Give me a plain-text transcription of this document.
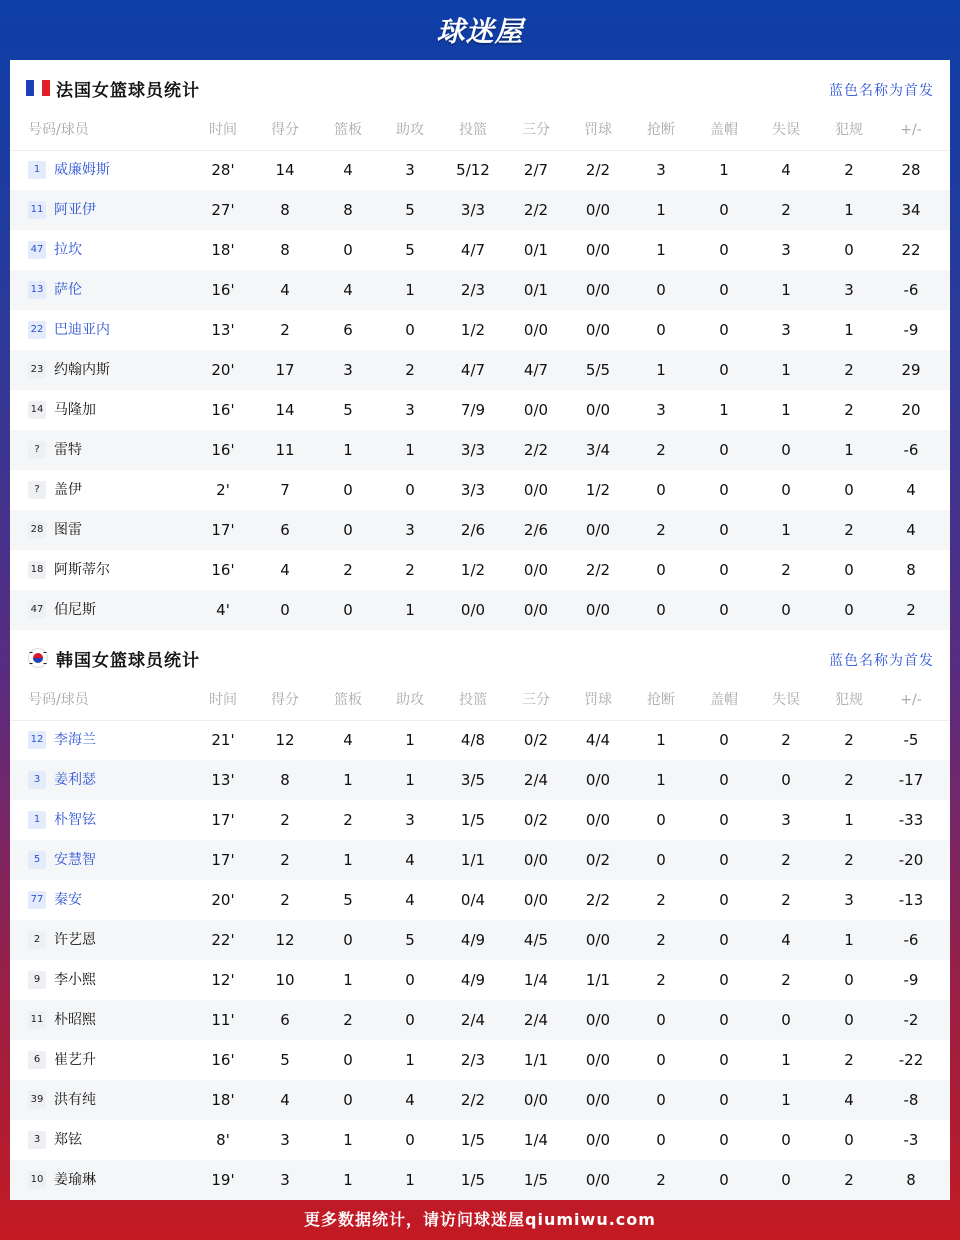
球迷屋
法国女篮球员统计	蓝色名称为首发
号码/球员	时间	得分	篮板	助攻	投篮	三分	罚球	抢断	盖帽	失误	犯规	+/-
1 威廉姆斯	28'	14	4	3	5/12	2/7	2/2	3	1	4	2	28
11 阿亚伊	27'	8	8	5	3/3	2/2	0/0	1	0	2	1	34
47 拉坎	18'	8	0	5	4/7	0/1	0/0	1	0	3	0	22
13 萨伦	16'	4	4	1	2/3	0/1	0/0	0	0	1	3	-6
22 巴迪亚内	13'	2	6	0	1/2	0/0	0/0	0	0	3	1	-9
23 约翰内斯	20'	17	3	2	4/7	4/7	5/5	1	0	1	2	29
14 马隆加	16'	14	5	3	7/9	0/0	0/0	3	1	1	2	20
?	雷特	16'	11	1	1	3/3	2/2	3/4	2	0	0	1	-6
?	盖伊	2'	7	0	0	3/3	0/0	1/2	0	0	0	0	4
28 图雷	17'	6	0	3	2/6	2/6	0/0	2	0	1	2	4
18 阿斯蒂尔	16'	4	2	2	1/2	0/0	2/2	0	0	2	0	8
47 伯尼斯	4'	0	0	1	0/0	0/0	0/0	0	0	0	0	2
韩国女篮球员统计	蓝色名称为首发
号码/球员	时间	得分	篮板	助攻	投篮	三分	罚球	抢断	盖帽	失误	犯规	+/-
12 李海兰	21'	12	4	1	4/8	0/2	4/4	1	0	2	2	-5
3 姜利瑟	13'	8	1	1	3/5	2/4	0/0	1	0	0	2	-17
1 朴智铉	17'	2	2	3	1/5	0/2	0/0	0	0	3	1	-33
5 安慧智	17'	2	1	4	1/1	0/0	0/2	0	0	2	2	-20
77 秦安	20'	2	5	4	0/4	0/0	2/2	2	0	2	3	-13
2 许艺恩	22'	12	0	5	4/9	4/5	0/0	2	0	4	1	-6
9 李小熙	12'	10	1	0	4/9	1/4	1/1	2	0	2	0	-9
11 朴昭熙	11'	6	2	0	2/4	2/4	0/0	0	0	0	0	-2
6 崔艺升	16'	5	0	1	2/3	1/1	0/0	0	0	1	2	-22
39 洪有纯	18'	4	0	4	2/2	0/0	0/0	0	0	1	4	-8
3 郑铉	8'	3	1	0	1/5	1/4	0/0	0	0	0	0	-3
10 姜瑜琳	19'	3	1	1	1/5	1/5	0/0	2	0	0	2	8
更多数据统计，请访问球迷屋qiumiwu.com
